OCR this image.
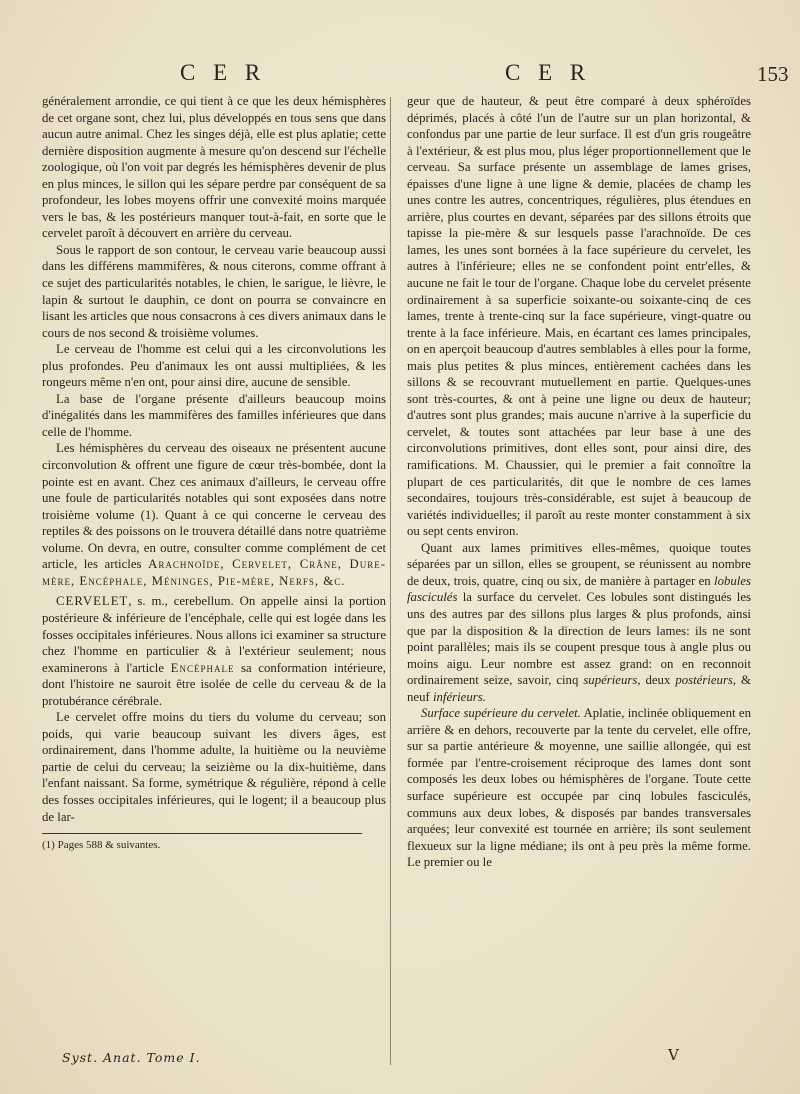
C E R	C E R	153

généralement arrondie, ce qui tient à ce que les deux hémisphères de cet organe sont, chez lui, plus développés en tous sens que dans aucun autre animal. Chez les singes déjà, elle est plus aplatie; cette dernière disposition augmente à mesure qu'on descend sur l'échelle zoologique, où l'on voit par degrés les hémisphères devenir de plus en plus minces, le sillon qui les sépare perdre par conséquent de sa profondeur, les lobes moyens offrir une convexité moins marquée vers le bas, & les postérieurs manquer tout-à-fait, en sorte que le cervelet paroît à découvert en arrière du cerveau.

Sous le rapport de son contour, le cerveau varie beaucoup aussi dans les différens mammifères, & nous citerons, comme offrant à ce sujet des particularités notables, le chien, le sarigue, le lièvre, le lapin & surtout le dauphin, ce dont on pourra se convaincre en lisant les articles que nous consacrons à ces divers animaux dans le cours de nos second & troisième volumes.

Le cerveau de l'homme est celui qui a les circonvolutions les plus profondes. Peu d'animaux les ont aussi multipliées, & les rongeurs même n'en ont, pour ainsi dire, aucune de sensible.

La base de l'organe présente d'ailleurs beaucoup moins d'inégalités dans les mammifères des familles inférieures que dans celle de l'homme.

Les hémisphères du cerveau des oiseaux ne présentent aucune circonvolution & offrent une figure de cœur très-bombée, dont la pointe est en avant. Chez ces animaux d'ailleurs, le cerveau offre une foule de particularités notables qui sont exposées dans notre troisième volume (1). Quant à ce qui concerne le cerveau des reptiles & des poissons on le trouvera détaillé dans notre quatrième volume. On devra, en outre, consulter comme complément de cet article, les articles Arachnoïde, Cervelet, Crâne, Dure-mère, Encéphale, Méninges, Pie-mère, Nerfs, &c.

CERVELET, s. m., cerebellum. On appelle ainsi la portion postérieure & inférieure de l'encéphale, celle qui est logée dans les fosses occipitales inférieures. Nous allons ici examiner sa structure chez l'homme en particulier & à l'extérieur seulement; nous examinerons à l'article Encéphale sa conformation intérieure, dont l'histoire ne sauroit être isolée de celle du cerveau & de la protubérance cérébrale.

Le cervelet offre moins du tiers du volume du cerveau; son poids, qui varie beaucoup suivant les divers âges, est ordinairement, dans l'homme adulte, la huitième ou la neuvième partie de celui du cerveau; la seizième ou la dix-huitième, dans l'enfant naissant. Sa forme, symétrique & régulière, répond à celle des fosses occipitales inférieures, qui le logent; il a beaucoup plus de lar-

(1) Pages 588 & suivantes.

geur que de hauteur, & peut être comparé à deux sphéroïdes déprimés, placés à côté l'un de l'autre sur un plan horizontal, & confondus par une partie de leur surface. Il est d'un gris rougeâtre à l'extérieur, & est plus mou, plus léger proportionnellement que le cerveau. Sa surface présente un assemblage de lames grises, épaisses d'une ligne à une ligne & demie, placées de champ les unes contre les autres, concentriques, régulières, plus étendues en arrière, plus courtes en devant, séparées par des sillons étroits que tapisse la pie-mère & sur lesquels passe l'arachnoïde. De ces lames, les unes sont bornées à la face supérieure du cervelet, les autres à l'inférieure; elles ne se confondent point entr'elles, & aucune ne fait le tour de l'organe. Chaque lobe du cervelet présente ordinairement à sa superficie soixante-ou soixante-cinq de ces lames, trente à trente-cinq sur la face supérieure, vingt-quatre ou trente à la face inférieure. Mais, en écartant ces lames principales, on en aperçoit beaucoup d'autres semblables à elles pour la forme, mais plus petites & plus minces, entièrement cachées dans les sillons & se recouvrant mutuellement en partie. Quelques-unes sont très-courtes, & ont à peine une ligne ou deux de hauteur; d'autres sont plus grandes; mais aucune n'arrive à la superficie du cervelet, & toutes sont attachées par leur base à une des circonvolutions primitives, dont elles sont, pour ainsi dire, des ramifications. M. Chaussier, qui le premier a fait connoître la plupart de ces particularités, dit que le nombre de ces lames secondaires, toujours très-considérable, est sujet à beaucoup de variétés individuelles; il paroît au reste monter constamment à six ou sept cents environ.

Quant aux lames primitives elles-mêmes, quoique toutes séparées par un sillon, elles se groupent, se réunissent au nombre de deux, trois, quatre, cinq ou six, de manière à partager en lobules fasciculés la surface du cervelet. Ces lobules sont distingués les uns des autres par des sillons plus larges & plus profonds, ainsi que par la disposition & la direction de leurs lames: ils ne sont point parallèles; mais ils se coupent presque tous à angle plus ou moins aigu. Leur nombre est assez grand: on en reconnoit ordinairement seize, savoir, cinq supérieurs, deux postérieurs, & neuf inférieurs.

Surface supérieure du cervelet. Aplatie, inclinée obliquement en arrière & en dehors, recouverte par la tente du cervelet, elle offre, sur sa partie antérieure & moyenne, une saillie allongée, qui est formée par l'entre-croisement réciproque des lames dont sont composés les deux lobes ou hémisphères de l'organe. Toute cette surface supérieure est occupée par cinq lobules fasciculés, communs aux deux lobes, & disposés par bandes transversales arquées; leur convexité est tournée en arrière; ils sont seulement flexueux sur la ligne médiane; ils ont à peu près la même forme. Le premier ou le

Syst. Anat. Tome I.	V
